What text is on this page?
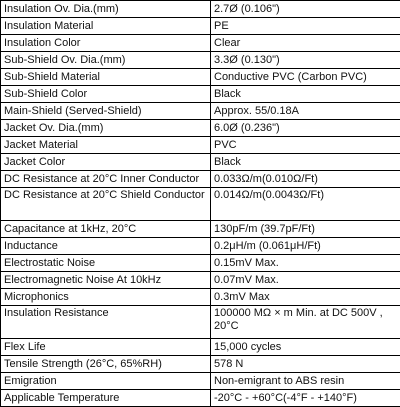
Insulation Ov. Dia.(mm)	2.7Ø (0.106")
Insulation Material	PE
Insulation Color	Clear
Sub-Shield Ov. Dia.(mm)	3.3Ø (0.130")
Sub-Shield Material	Conductive PVC (Carbon PVC)
Sub-Shield Color	Black
Main-Shield (Served-Shield)	Approx. 55/0.18A
Jacket Ov. Dia.(mm)	6.0Ø (0.236")
Jacket Material	PVC
Jacket Color	Black
DC Resistance at 20°C Inner Conductor	0.033Ω/m(0.010Ω/Ft)
DC Resistance at 20°C Shield Conductor	0.014Ω/m(0.0043Ω/Ft)
Capacitance at 1kHz, 20°C	130pF/m (39.7pF/Ft)
Inductance	0.2μH/m (0.061μH/Ft)
Electrostatic Noise	0.15mV Max.
Electromagnetic Noise At 10kHz	0.07mV Max.
Microphonics	0.3mV Max
Insulation Resistance	100000 MΩ × m Min. at DC 500V , 20°C
Flex Life	15,000 cycles
Tensile Strength (26°C, 65%RH)	578 N
Emigration	Non-emigrant to ABS resin
Applicable Temperature	-20°C - +60°C(-4°F - +140°F)
